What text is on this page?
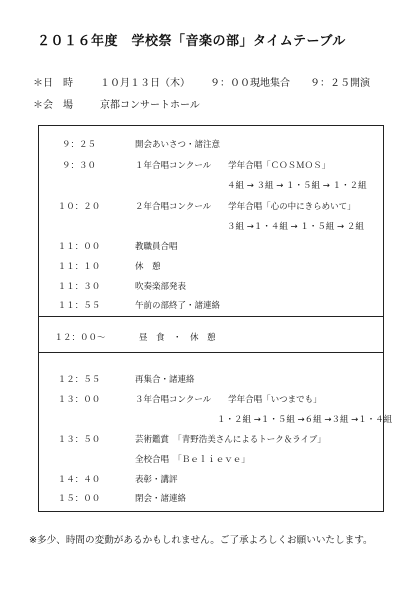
２０１６年度　学校祭「音楽の部」タイムテーブル
＊日　時	１０月１３日（木） ９：００現地集合 ９：２５開演
＊会　場	京都コンサートホール
９：２５	開会あいさつ・諸注意
９：３０	１年合唱コンクール　　学年合唱「ＣＯＳＭＯＳ」
４組 → ３組 → １・５組 → １・２組
１０：２０	２年合唱コンクール　　学年合唱「心の中にきらめいて」
３組 →１・４組 → １・５組 → ２組
１１：００	教職員合唱
１１：１０	休　憩
１１：３０	吹奏楽部発表
１１：５５	午前の部終了・諸連絡
１２：００～	昼　食　・　休　憩
１２：５５	再集合・諸連絡
１３：００	３年合唱コンクール　　学年合唱「いつまでも」
１・２組 →１・５組 →６組 →３組 →１・４組
１３：５０	芸術鑑賞　「青野浩美さんによるトーク＆ライブ」
全校合唱　「Ｂｅｌｉｅｖｅ」
１４：４０	表彰・講評
１５：００	閉会・諸連絡
※多少、時間の変動があるかもしれません。ご了承よろしくお願いいたします。
